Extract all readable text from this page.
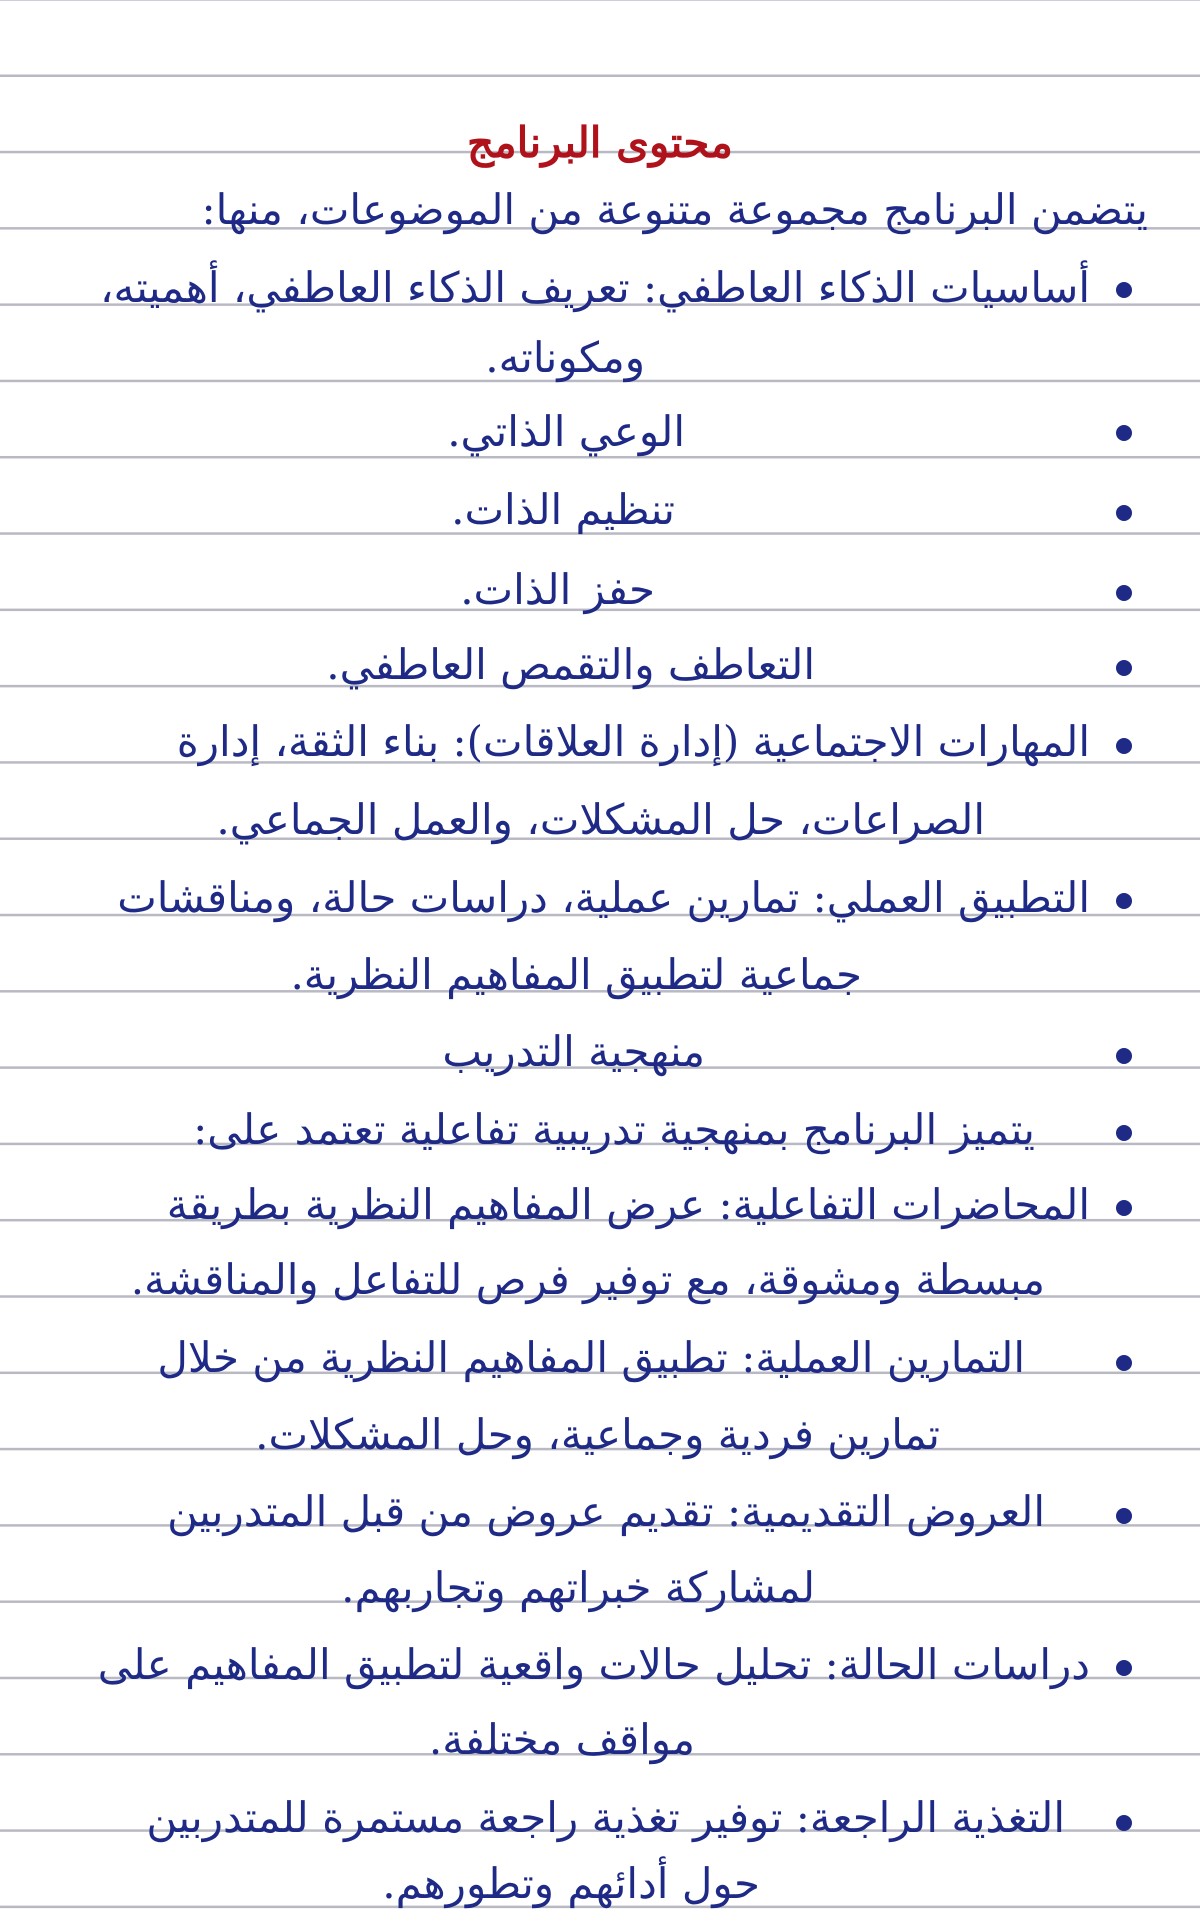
محتوى البرنامج
يتضمن البرنامج مجموعة متنوعة من الموضوعات، منها:
أساسيات الذكاء العاطفي: تعريف الذكاء العاطفي، أهميته،
ومكوناته.
الوعي الذاتي.
تنظيم الذات.
حفز الذات.
التعاطف والتقمص العاطفي.
المهارات الاجتماعية (إدارة العلاقات): بناء الثقة، إدارة
الصراعات، حل المشكلات، والعمل الجماعي.
التطبيق العملي: تمارين عملية، دراسات حالة، ومناقشات
جماعية لتطبيق المفاهيم النظرية.
منهجية التدريب
يتميز البرنامج بمنهجية تدريبية تفاعلية تعتمد على:
المحاضرات التفاعلية: عرض المفاهيم النظرية بطريقة
مبسطة ومشوقة، مع توفير فرص للتفاعل والمناقشة.
التمارين العملية: تطبيق المفاهيم النظرية من خلال
تمارين فردية وجماعية، وحل المشكلات.
العروض التقديمية: تقديم عروض من قبل المتدربين
لمشاركة خبراتهم وتجاربهم.
دراسات الحالة: تحليل حالات واقعية لتطبيق المفاهيم على
مواقف مختلفة.
التغذية الراجعة: توفير تغذية راجعة مستمرة للمتدربين
حول أدائهم وتطورهم.
